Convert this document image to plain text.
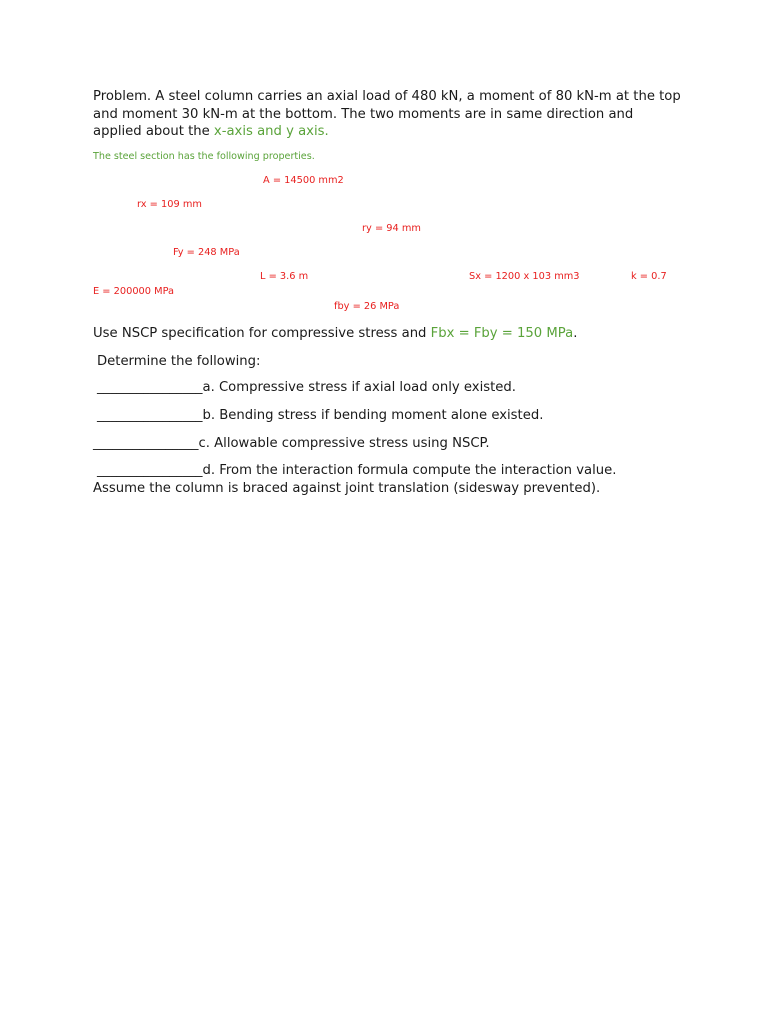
Problem. A steel column carries an axial load of 480 kN, a moment of 80 kN-m at the top and moment 30 kN-m at the bottom. The two moments are in same direction and applied about the x-axis and y axis.
The steel section has the following properties.
A = 14500 mm2
rx = 109 mm
ry = 94 mm
Fy = 248 MPa
L = 3.6 m	Sx = 1200 x 103 mm3	k = 0.7
E = 200000 MPa
fby = 26 MPa
Use NSCP specification for compressive stress and Fbx = Fby = 150 MPa.
Determine the following:
________________a. Compressive stress if axial load only existed.
________________b. Bending stress if bending moment alone existed.
________________c. Allowable compressive stress using NSCP.
________________d. From the interaction formula compute the interaction value.
Assume the column is braced against joint translation (sidesway prevented).
